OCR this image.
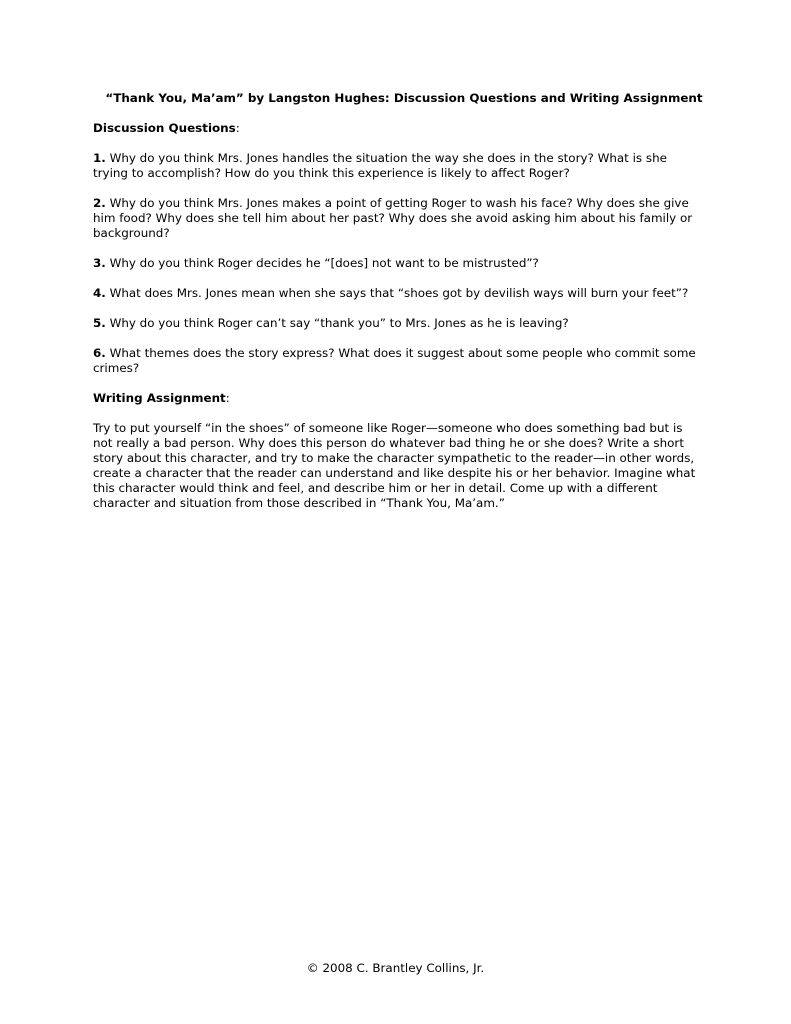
“Thank You, Ma’am” by Langston Hughes: Discussion Questions and Writing Assignment

Discussion Questions:

1. Why do you think Mrs. Jones handles the situation the way she does in the story? What is she trying to accomplish? How do you think this experience is likely to affect Roger?

2. Why do you think Mrs. Jones makes a point of getting Roger to wash his face? Why does she give him food? Why does she tell him about her past? Why does she avoid asking him about his family or background?

3. Why do you think Roger decides he “[does] not want to be mistrusted”?

4. What does Mrs. Jones mean when she says that “shoes got by devilish ways will burn your feet”?

5. Why do you think Roger can’t say “thank you” to Mrs. Jones as he is leaving?

6. What themes does the story express? What does it suggest about some people who commit some crimes?

Writing Assignment:

Try to put yourself “in the shoes” of someone like Roger—someone who does something bad but is not really a bad person. Why does this person do whatever bad thing he or she does? Write a short story about this character, and try to make the character sympathetic to the reader—in other words, create a character that the reader can understand and like despite his or her behavior. Imagine what this character would think and feel, and describe him or her in detail. Come up with a different character and situation from those described in “Thank You, Ma’am.”

© 2008 C. Brantley Collins, Jr.
